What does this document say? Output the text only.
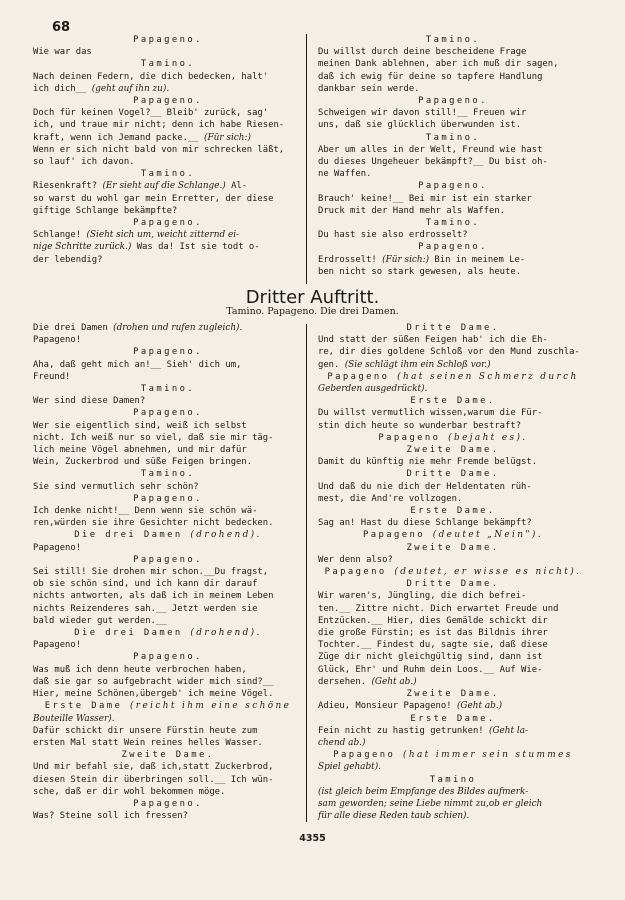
68
Papageno.
Wie war das
Tamino.
Nach deinen Federn, die dich bedecken, halt'
ich dich__ (geht auf ihn zu).
Papageno.
Doch für keinen Vogel?__ Bleib' zurück, sag'
ich, und traue mir nicht; denn ich habe Riesen-
kraft, wenn ich Jemand packe.__ (Für sich:)
Wenn er sich nicht bald von mir schrecken läßt,
so lauf' ich davon.
Tamino.
Riesenkraft? (Er sieht auf die Schlange.) Al-
so warst du wohl gar mein Erretter, der diese
giftige Schlange bekämpfte?
Papageno.
Schlange! (Sieht sich um, weicht zitternd ei-
nige Schritte zurück.) Was da! Ist sie todt o-
der lebendig?
Tamino.
Du willst durch deine bescheidene Frage
meinen Dank ablehnen, aber ich muß dir sagen,
daß ich ewig für deine so tapfere Handlung
dankbar sein werde.
Papageno.
Schweigen wir davon still!__ Freuen wir
uns, daß sie glücklich überwunden ist.
Tamino.
Aber um alles in der Welt, Freund wie hast
du dieses Ungeheuer bekämpft?__ Du bist oh-
ne Waffen.
Papageno.
Brauch' keine!__ Bei mir ist ein starker
Druck mit der Hand mehr als Waffen.
Tamino.
Du hast sie also erdrosselt?
Papageno.
Erdrosselt! (Für sich:) Bin in meinem Le-
ben nicht so stark gewesen, als heute.
Dritter Auftritt.
Tamino. Papageno. Die drei Damen.
Die drei Damen (drohen und rufen zugleich).
Papageno!
Papageno.
Aha, daß geht mich an!__ Sieh' dich um,
Freund!
Tamino.
Wer sind diese Damen?
Papageno.
Wer sie eigentlich sind, weiß ich selbst
nicht. Ich weiß nur so viel, daß sie mir täg-
lich meine Vögel abnehmen, und mir dafür
Wein, Zuckerbrod und süße Feigen bringen.
Tamino.
Sie sind vermutlich sehr schön?
Papageno.
Ich denke nicht!__ Denn wenn sie schön wä-
ren,würden sie ihre Gesichter nicht bedecken.
Die drei Damen (drohend).
Papageno!
Papageno.
Sei still! Sie drohen mir schon.__Du fragst,
ob sie schön sind, und ich kann dir darauf
nichts antworten, als daß ich in meinem Leben
nichts Reizenderes sah.__ Jetzt werden sie
bald wieder gut werden.__
Die drei Damen (drohend).
Papageno!
Papageno.
Was muß ich denn heute verbrochen haben,
daß sie gar so aufgebracht wider mich sind?__
Hier, meine Schönen,übergeb' ich meine Vögel.
Erste Dame (reicht ihm eine schöne
Bouteille Wasser).
Dafür schickt dir unsere Fürstin heute zum
ersten Mal statt Wein reines helles Wasser.
Zweite Dame.
Und mir befahl sie, daß ich,statt Zuckerbrod,
diesen Stein dir überbringen soll.__ Ich wün-
sche, daß er dir wohl bekommen möge.
Papageno.
Was? Steine soll ich fressen?
Dritte Dame.
Und statt der süßen Feigen hab' ich die Eh-
re, dir dies goldene Schloß vor den Mund zuschla-
gen. (Sie schlägt ihm ein Schloß vor.)
Papageno (hat seinen Schmerz durch
Geberden ausgedrückt).
Erste Dame.
Du willst vermutlich wissen,warum die Für-
stin dich heute so wunderbar bestraft?
Papageno (bejaht es).
Zweite Dame.
Damit du künftig nie mehr Fremde belügst.
Dritte Dame.
Und daß du nie dich der Heldentaten rüh-
mest, die And're vollzogen.
Erste Dame.
Sag an! Hast du diese Schlange bekämpft?
Papageno (deutet „Nein").
Zweite Dame.
Wer denn also?
Papageno (deutet, er wisse es nicht).
Dritte Dame.
Wir waren's, Jüngling, die dich befrei-
ten.__ Zittre nicht. Dich erwartet Freude und
Entzücken.__ Hier, dies Gemälde schickt dir
die große Fürstin; es ist das Bildnis ihrer
Tochter.__ Findest du, sagte sie, daß diese
Züge dir nicht gleichgültig sind, dann ist
Glück, Ehr' und Ruhm dein Loos.__ Auf Wie-
dersehen. (Geht ab.)
Zweite Dame.
Adieu, Monsieur Papageno! (Geht ab.)
Erste Dame.
Fein nicht zu hastig getrunken! (Geht la-
chend ab.)
Papageno (hat immer sein stummes
Spiel gehabt).
Tamino
(ist gleich beim Empfange des Bildes aufmerk-
sam geworden; seine Liebe nimmt zu,ob er gleich
für alle diese Reden taub schien).
4355
